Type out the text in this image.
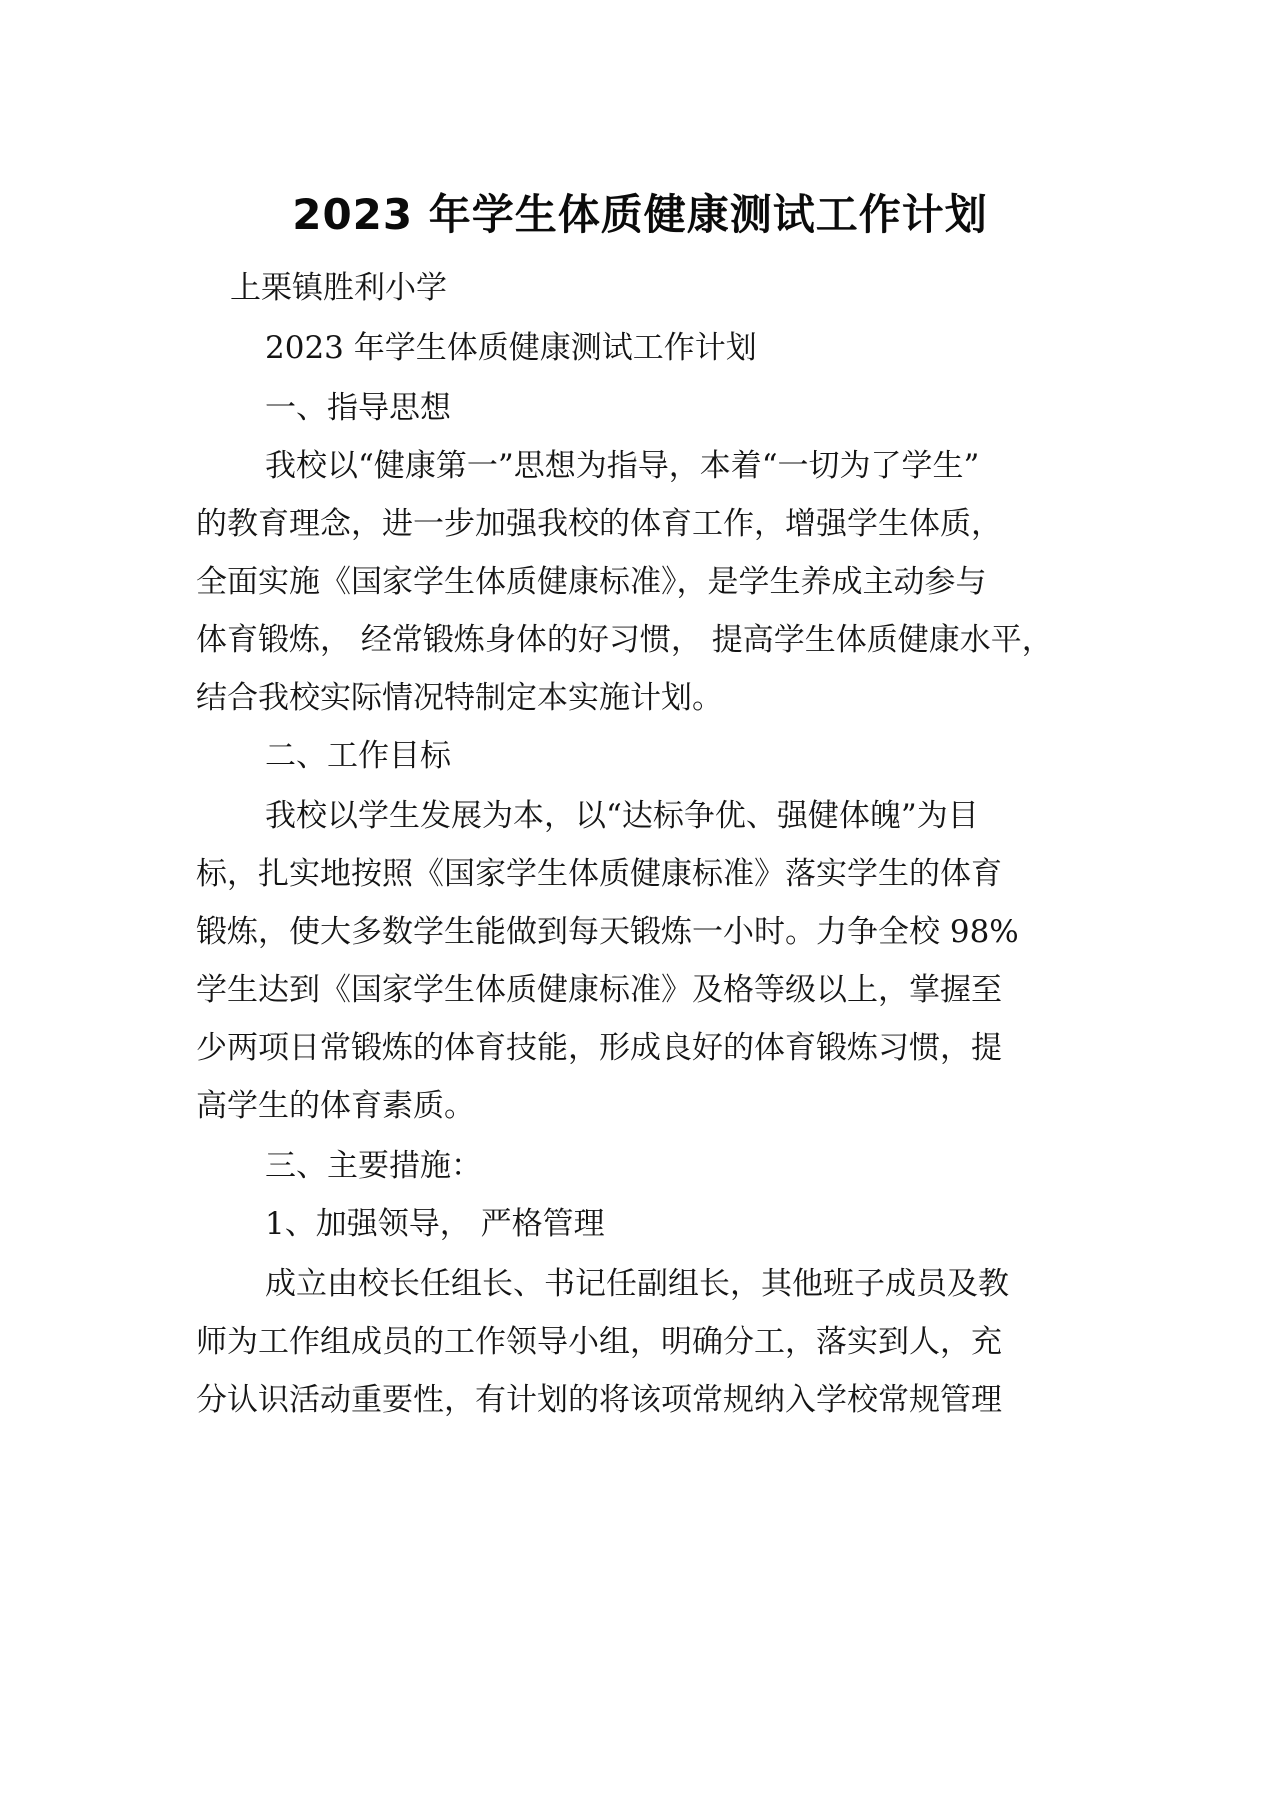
2023 年学生体质健康测试工作计划

上栗镇胜利小学

2023 年学生体质健康测试工作计划

一、指导思想

我校以“健康第一”思想为指导，本着“一切为了学生”

的教育理念，进一步加强我校的体育工作，增强学生体质，

全面实施《国家学生体质健康标准》，是学生养成主动参与

体育锻炼， 经常锻炼身体的好习惯， 提高学生体质健康水平，

结合我校实际情况特制定本实施计划。

二、工作目标

我校以学生发展为本，以“达标争优、强健体魄”为目

标，扎实地按照《国家学生体质健康标准》落实学生的体育

锻炼，使大多数学生能做到每天锻炼一小时。力争全校 98%

学生达到《国家学生体质健康标准》及格等级以上，掌握至

少两项日常锻炼的体育技能，形成良好的体育锻炼习惯，提

高学生的体育素质。

三、主要措施：

1、加强领导， 严格管理

成立由校长任组长、书记任副组长，其他班子成员及教

师为工作组成员的工作领导小组，明确分工，落实到人，充

分认识活动重要性，有计划的将该项常规纳入学校常规管理
